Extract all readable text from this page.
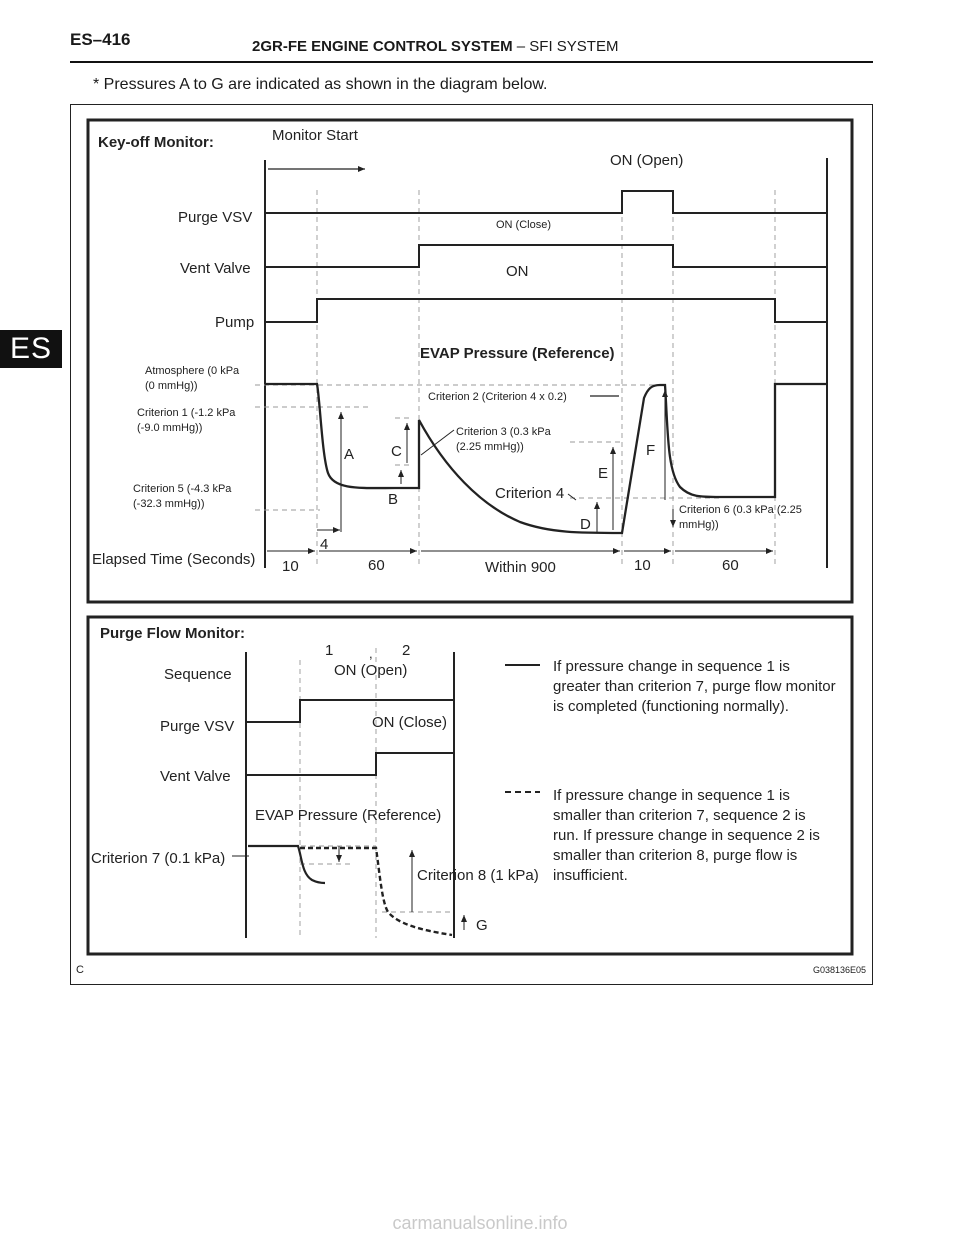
ES–416	2GR-FE ENGINE CONTROL SYSTEM – SFI SYSTEM
ES
* Pressures A to G are indicated as shown in the diagram below.
Key-off Monitor:	Monitor Start
Purge VSV
ON (Open)
ON (Close)
Vent Valve	ON
Pump
EVAP Pressure (Reference)
Atmosphere (0 kPa
(0 mmHg))
Criterion 1 (-1.2 kPa
(-9.0 mmHg))
Criterion 5 (-4.3 kPa
(-32.3 mmHg))
A
B
C
D
E
F
Criterion 2 (Criterion 4 x 0.2)
Criterion 3 (0.3 kPa
(2.25 mmHg))
Criterion 4
Criterion 6 (0.3 kPa (2.25
mmHg))
Elapsed Time (Seconds)
4
10	60	Within 900	10	60
Purge Flow Monitor:
1	, 2
Sequence	ON (Open)
Purge VSV	ON (Close)
Vent Valve
EVAP Pressure (Reference)
Criterion 7 (0.1 kPa)
Criterion 8 (1 kPa)
G
If pressure change in sequence 1 is greater than criterion 7, purge flow monitor is completed (functioning normally).
If pressure change in sequence 1 is smaller than criterion 7, sequence 2 is run. If pressure change in sequence 2 is smaller than criterion 8, purge flow is insufficient.
C	G038136E05
carmanualsonline.info
